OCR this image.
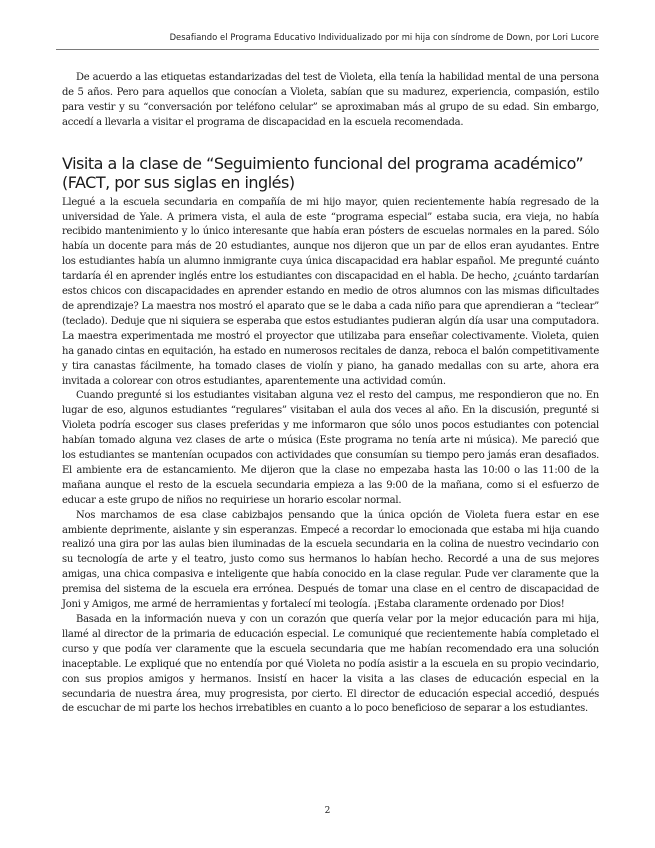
Desafiando el Programa Educativo Individualizado por mi hija con síndrome de Down, por Lori Lucore

De acuerdo a las etiquetas estandarizadas del test de Violeta, ella tenía la habilidad mental de una persona de 5 años. Pero para aquellos que conocían a Violeta, sabían que su madurez, experiencia, compasión, estilo para vestir y su “conversación por teléfono celular” se aproximaban más al grupo de su edad. Sin embargo, accedí a llevarla a visitar el programa de discapacidad en la escuela recomendada.

Visita a la clase de “Seguimiento funcional del programa académico” (FACT, por sus siglas en inglés)

Llegué a la escuela secundaria en compañía de mi hijo mayor, quien recientemente había regresado de la universidad de Yale. A primera vista, el aula de este “programa especial” estaba sucia, era vieja, no había recibido mantenimiento y lo único interesante que había eran pósters de escuelas normales en la pared. Sólo había un docente para más de 20 estudiantes, aunque nos dijeron que un par de ellos eran ayudantes. Entre los estudiantes había un alumno inmigrante cuya única discapacidad era hablar español. Me pregunté cuánto tardaría él en aprender inglés entre los estudiantes con discapacidad en el habla. De hecho, ¿cuánto tardarían estos chicos con discapacidades en aprender estando en medio de otros alumnos con las mismas dificultades de aprendizaje? La maestra nos mostró el aparato que se le daba a cada niño para que aprendieran a “teclear” (teclado). Deduje que ni siquiera se esperaba que estos estudiantes pudieran algún día usar una computadora. La maestra experimentada me mostró el proyector que utilizaba para enseñar colectivamente. Violeta, quien ha ganado cintas en equitación, ha estado en numerosos recitales de danza, reboca el balón competitivamente y tira canastas fácilmente, ha tomado clases de violín y piano, ha ganado medallas con su arte, ahora era invitada a colorear con otros estudiantes, aparentemente una actividad común.

Cuando pregunté si los estudiantes visitaban alguna vez el resto del campus, me respondieron que no. En lugar de eso, algunos estudiantes “regulares” visitaban el aula dos veces al año. En la discusión, pregunté si Violeta podría escoger sus clases preferidas y me informaron que sólo unos pocos estudiantes con potencial habían tomado alguna vez clases de arte o música (Este programa no tenía arte ni música). Me pareció que los estudiantes se mantenían ocupados con actividades que consumían su tiempo pero jamás eran desafiados. El ambiente era de estancamiento. Me dijeron que la clase no empezaba hasta las 10:00 o las 11:00 de la mañana aunque el resto de la escuela secundaria empieza a las 9:00 de la mañana, como si el esfuerzo de educar a este grupo de niños no requiriese un horario escolar normal.

Nos marchamos de esa clase cabizbajos pensando que la única opción de Violeta fuera estar en ese ambiente deprimente, aislante y sin esperanzas. Empecé a recordar lo emocionada que estaba mi hija cuando realizó una gira por las aulas bien iluminadas de la escuela secundaria en la colina de nuestro vecindario con su tecnología de arte y el teatro, justo como sus hermanos lo habían hecho. Recordé a una de sus mejores amigas, una chica compasiva e inteligente que había conocido en la clase regular. Pude ver claramente que la premisa del sistema de la escuela era errónea. Después de tomar una clase en el centro de discapacidad de Joni y Amigos, me armé de herramientas y fortalecí mi teología. ¡Estaba claramente ordenado por Dios!

Basada en la información nueva y con un corazón que quería velar por la mejor educación para mi hija, llamé al director de la primaria de educación especial. Le comuniqué que recientemente había completado el curso y que podía ver claramente que la escuela secundaria que me habían recomendado era una solución inaceptable. Le expliqué que no entendía por qué Violeta no podía asistir a la escuela en su propio vecindario, con sus propios amigos y hermanos. Insistí en hacer la visita a las clases de educación especial en la secundaria de nuestra área, muy progresista, por cierto. El director de educación especial accedió, después de escuchar de mi parte los hechos irrebatibles en cuanto a lo poco beneficioso de separar a los estudiantes.

2
